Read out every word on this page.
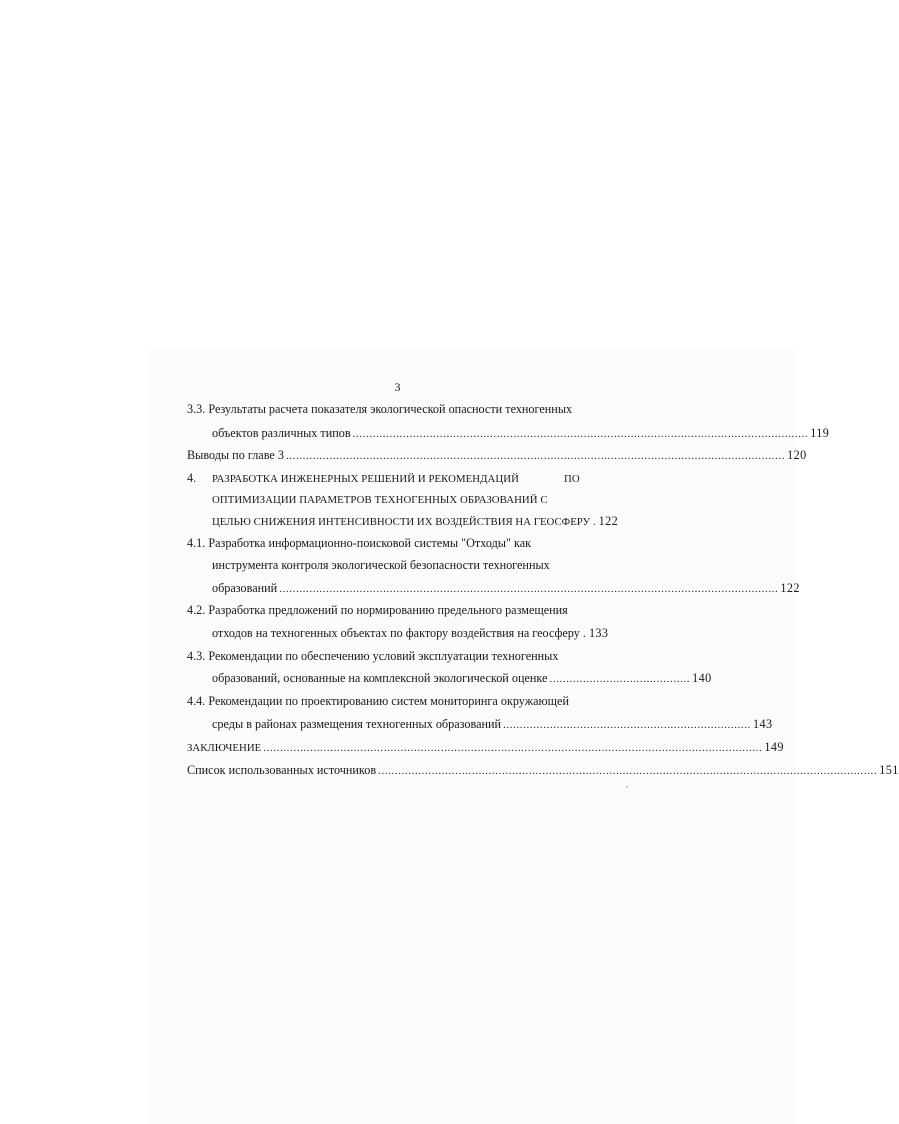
3
3.3. Результаты расчета показателя экологической опасности техногенных
объектов различных типов ........................................................................................................................................ 119
Выводы по главе 3 ..................................................................................................................................................... 120
4. РАЗРАБОТКА ИНЖЕНЕРНЫХ РЕШЕНИЙ И РЕКОМЕНДАЦИЙ	ПО
ОПТИМИЗАЦИИ ПАРАМЕТРОВ ТЕХНОГЕННЫХ ОБРАЗОВАНИЙ С
ЦЕЛЬЮ СНИЖЕНИЯ ИНТЕНСИВНОСТИ ИХ ВОЗДЕЙСТВИЯ НА ГЕОСФЕРУ . 122
4.1. Разработка информационно-поисковой системы "Отходы" как
инструмента контроля экологической безопасности техногенных
образований ..................................................................................................................................................... 122
4.2. Разработка предложений по нормированию предельного размещения
отходов на техногенных объектах по фактору воздействия на геосферу . 133
4.3. Рекомендации по обеспечению условий эксплуатации техногенных
образований, основанные на комплексной экологической оценке .......................................... 140
4.4. Рекомендации по проектированию систем мониторинга окружающей
среды в районах размещения техногенных образований .......................................................................... 143
ЗАКЛЮЧЕНИЕ ..................................................................................................................................................... 149
Список использованных источников ..................................................................................................................................................... 151
